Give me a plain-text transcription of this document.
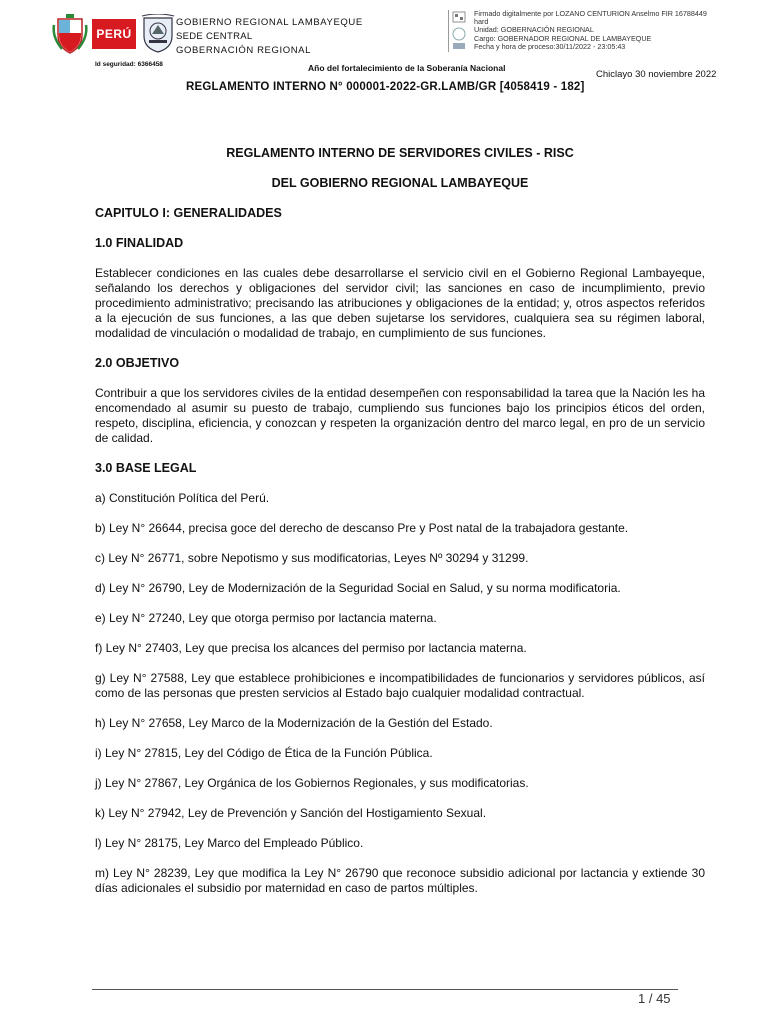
PERÚ
GOBIERNO REGIONAL LAMBAYEQUE
SEDE CENTRAL
GOBERNACIÓN REGIONAL
Firmado digitalmente por LOZANO CENTURION Anselmo FIR 16788449
hard
Unidad: GOBERNACIÓN REGIONAL
Cargo: GOBERNADOR REGIONAL DE LAMBAYEQUE
Fecha y hora de proceso:30/11/2022 - 23:05:43
Id seguridad: 6366458	Año del fortalecimiento de la Soberanía Nacional
Chiclayo 30 noviembre 2022
REGLAMENTO INTERNO N° 000001-2022-GR.LAMB/GR [4058419 - 182]

REGLAMENTO INTERNO DE SERVIDORES CIVILES - RISC

DEL GOBIERNO REGIONAL LAMBAYEQUE

CAPITULO I: GENERALIDADES

1.0 FINALIDAD

Establecer condiciones en las cuales debe desarrollarse el servicio civil en el Gobierno Regional Lambayeque, señalando los derechos y obligaciones del servidor civil; las sanciones en caso de incumplimiento, previo procedimiento administrativo; precisando las atribuciones y obligaciones de la entidad; y, otros aspectos referidos a la ejecución de sus funciones, a las que deben sujetarse los servidores, cualquiera sea su régimen laboral, modalidad de vinculación o modalidad de trabajo, en cumplimiento de sus funciones.

2.0 OBJETIVO

Contribuir a que los servidores civiles de la entidad desempeñen con responsabilidad la tarea que la Nación les ha encomendado al asumir su puesto de trabajo, cumpliendo sus funciones bajo los principios éticos del orden, respeto, disciplina, eficiencia, y conozcan y respeten la organización dentro del marco legal, en pro de un servicio de calidad.

3.0 BASE LEGAL

a) Constitución Política del Perú.

b) Ley N° 26644, precisa goce del derecho de descanso Pre y Post natal de la trabajadora gestante.

c) Ley N° 26771, sobre Nepotismo y sus modificatorias, Leyes Nº 30294 y 31299.

d) Ley N° 26790, Ley de Modernización de la Seguridad Social en Salud, y su norma modificatoria.

e) Ley N° 27240, Ley que otorga permiso por lactancia materna.

f) Ley N° 27403, Ley que precisa los alcances del permiso por lactancia materna.

g) Ley N° 27588, Ley que establece prohibiciones e incompatibilidades de funcionarios y servidores públicos, así como de las personas que presten servicios al Estado bajo cualquier modalidad contractual.

h) Ley N° 27658, Ley Marco de la Modernización de la Gestión del Estado.

i) Ley N° 27815, Ley del Código de Ética de la Función Pública.

j) Ley N° 27867, Ley Orgánica de los Gobiernos Regionales, y sus modificatorias.

k) Ley N° 27942, Ley de Prevención y Sanción del Hostigamiento Sexual.

l) Ley N° 28175, Ley Marco del Empleado Público.

m) Ley N° 28239, Ley que modifica la Ley N° 26790 que reconoce subsidio adicional por lactancia y extiende 30 días adicionales el subsidio por maternidad en caso de partos múltiples.

1 / 45
